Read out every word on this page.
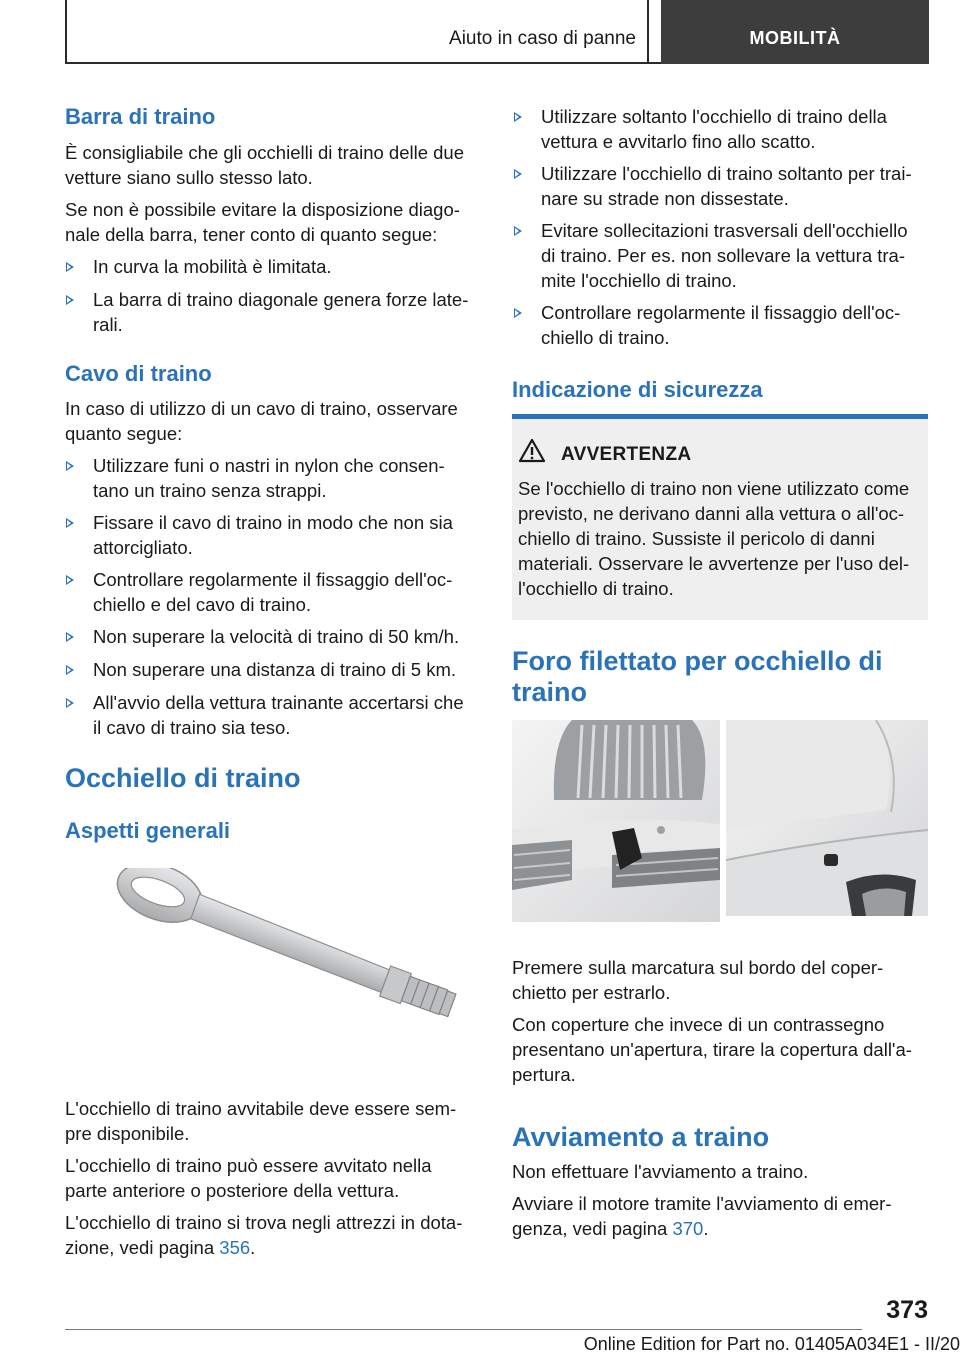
Aiuto in caso di panne	MOBILITÀ
Barra di traino
È consigliabile che gli occhielli di traino delle due
vetture siano sullo stesso lato.
Se non è possibile evitare la disposizione diago-
nale della barra, tener conto di quanto segue:
In curva la mobilità è limitata.
La barra di traino diagonale genera forze late-
rali.
Cavo di traino
In caso di utilizzo di un cavo di traino, osservare
quanto segue:
Utilizzare funi o nastri in nylon che consen-
tano un traino senza strappi.
Fissare il cavo di traino in modo che non sia
attorcigliato.
Controllare regolarmente il fissaggio dell'oc-
chiello e del cavo di traino.
Non superare la velocità di traino di 50 km/h.
Non superare una distanza di traino di 5 km.
All'avvio della vettura trainante accertarsi che
il cavo di traino sia teso.
Occhiello di traino
Aspetti generali
L'occhiello di traino avvitabile deve essere sem-
pre disponibile.
L'occhiello di traino può essere avvitato nella
parte anteriore o posteriore della vettura.
L'occhiello di traino si trova negli attrezzi in dota-
zione, vedi pagina 356.
Utilizzare soltanto l'occhiello di traino della
vettura e avvitarlo fino allo scatto.
Utilizzare l'occhiello di traino soltanto per trai-
nare su strade non dissestate.
Evitare sollecitazioni trasversali dell'occhiello
di traino. Per es. non sollevare la vettura tra-
mite l'occhiello di traino.
Controllare regolarmente il fissaggio dell'oc-
chiello di traino.
Indicazione di sicurezza
AVVERTENZA
Se l'occhiello di traino non viene utilizzato come
previsto, ne derivano danni alla vettura o all'oc-
chiello di traino. Sussiste il pericolo di danni
materiali. Osservare le avvertenze per l'uso del-
l'occhiello di traino.
Foro filettato per occhiello di
traino
Premere sulla marcatura sul bordo del coper-
chietto per estrarlo.
Con coperture che invece di un contrassegno
presentano un'apertura, tirare la copertura dall'a-
pertura.
Avviamento a traino
Non effettuare l'avviamento a traino.
Avviare il motore tramite l'avviamento di emer-
genza, vedi pagina 370.
373
Online Edition for Part no. 01405A034E1 - II/20
